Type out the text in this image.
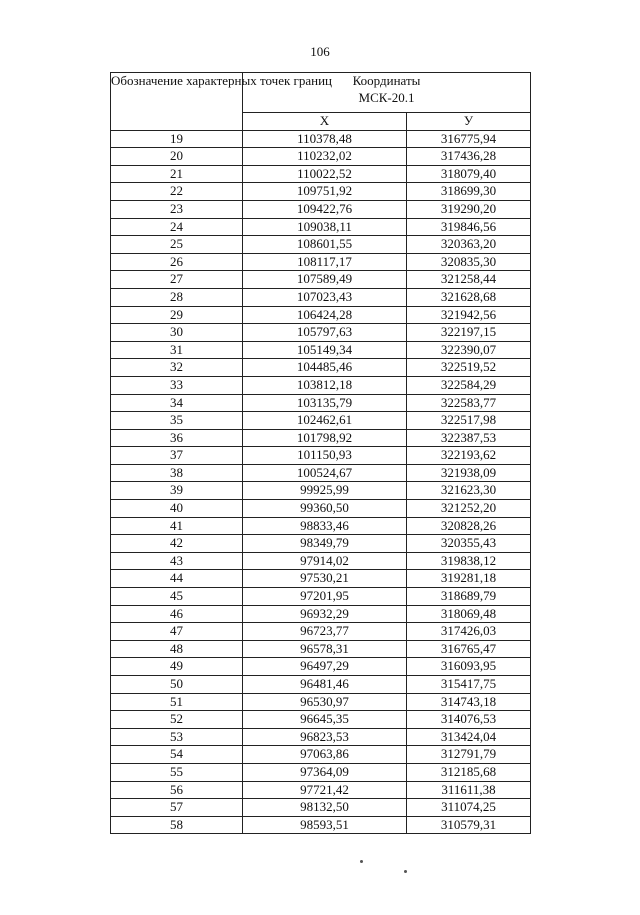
106
Обозначение характерных точек границ	Координаты
МСК-20.1	
	Х	У
19	110378,48	316775,94
20	110232,02	317436,28
21	110022,52	318079,40
22	109751,92	318699,30
23	109422,76	319290,20
24	109038,11	319846,56
25	108601,55	320363,20
26	108117,17	320835,30
27	107589,49	321258,44
28	107023,43	321628,68
29	106424,28	321942,56
30	105797,63	322197,15
31	105149,34	322390,07
32	104485,46	322519,52
33	103812,18	322584,29
34	103135,79	322583,77
35	102462,61	322517,98
36	101798,92	322387,53
37	101150,93	322193,62
38	100524,67	321938,09
39	99925,99	321623,30
40	99360,50	321252,20
41	98833,46	320828,26
42	98349,79	320355,43
43	97914,02	319838,12
44	97530,21	319281,18
45	97201,95	318689,79
46	96932,29	318069,48
47	96723,77	317426,03
48	96578,31	316765,47
49	96497,29	316093,95
50	96481,46	315417,75
51	96530,97	314743,18
52	96645,35	314076,53
53	96823,53	313424,04
54	97063,86	312791,79
55	97364,09	312185,68
56	97721,42	311611,38
57	98132,50	311074,25
58	98593,51	310579,31
